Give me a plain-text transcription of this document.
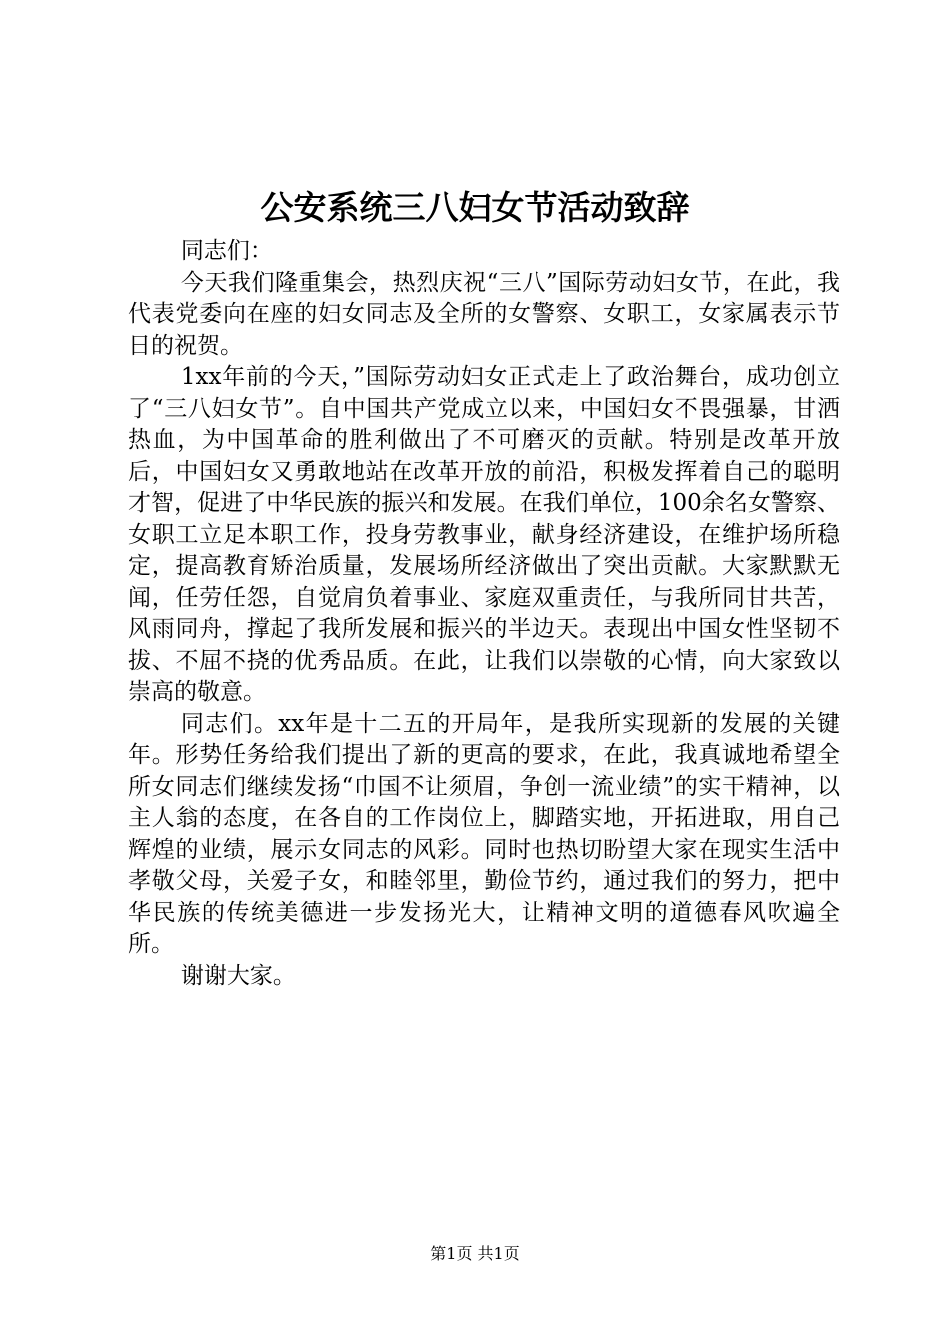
公安系统三八妇女节活动致辞

同志们：

今天我们隆重集会，热烈庆祝“三八”国际劳动妇女节，在此，我代表党委向在座的妇女同志及全所的女警察、女职工，女家属表示节日的祝贺。

1xx年前的今天，”国际劳动妇女正式走上了政治舞台，成功创立了“三八妇女节”。自中国共产党成立以来，中国妇女不畏强暴，甘洒热血，为中国革命的胜利做出了不可磨灭的贡献。特别是改革开放后，中国妇女又勇敢地站在改革开放的前沿，积极发挥着自己的聪明才智，促进了中华民族的振兴和发展。在我们单位，100余名女警察、女职工立足本职工作，投身劳教事业，献身经济建设，在维护场所稳定，提高教育矫治质量，发展场所经济做出了突出贡献。大家默默无闻，任劳任怨，自觉肩负着事业、家庭双重责任，与我所同甘共苦，风雨同舟，撑起了我所发展和振兴的半边天。表现出中国女性坚韧不拔、不屈不挠的优秀品质。在此，让我们以崇敬的心情，向大家致以崇高的敬意。

同志们。xx年是十二五的开局年，是我所实现新的发展的关键年。形势任务给我们提出了新的更高的要求，在此，我真诚地希望全所女同志们继续发扬“巾国不让须眉，争创一流业绩”的实干精神，以主人翁的态度，在各自的工作岗位上，脚踏实地，开拓进取，用自己辉煌的业绩，展示女同志的风彩。同时也热切盼望大家在现实生活中孝敬父母，关爱子女，和睦邻里，勤俭节约，通过我们的努力，把中华民族的传统美德进一步发扬光大，让精神文明的道德春风吹遍全所。

谢谢大家。

第1页 共1页
